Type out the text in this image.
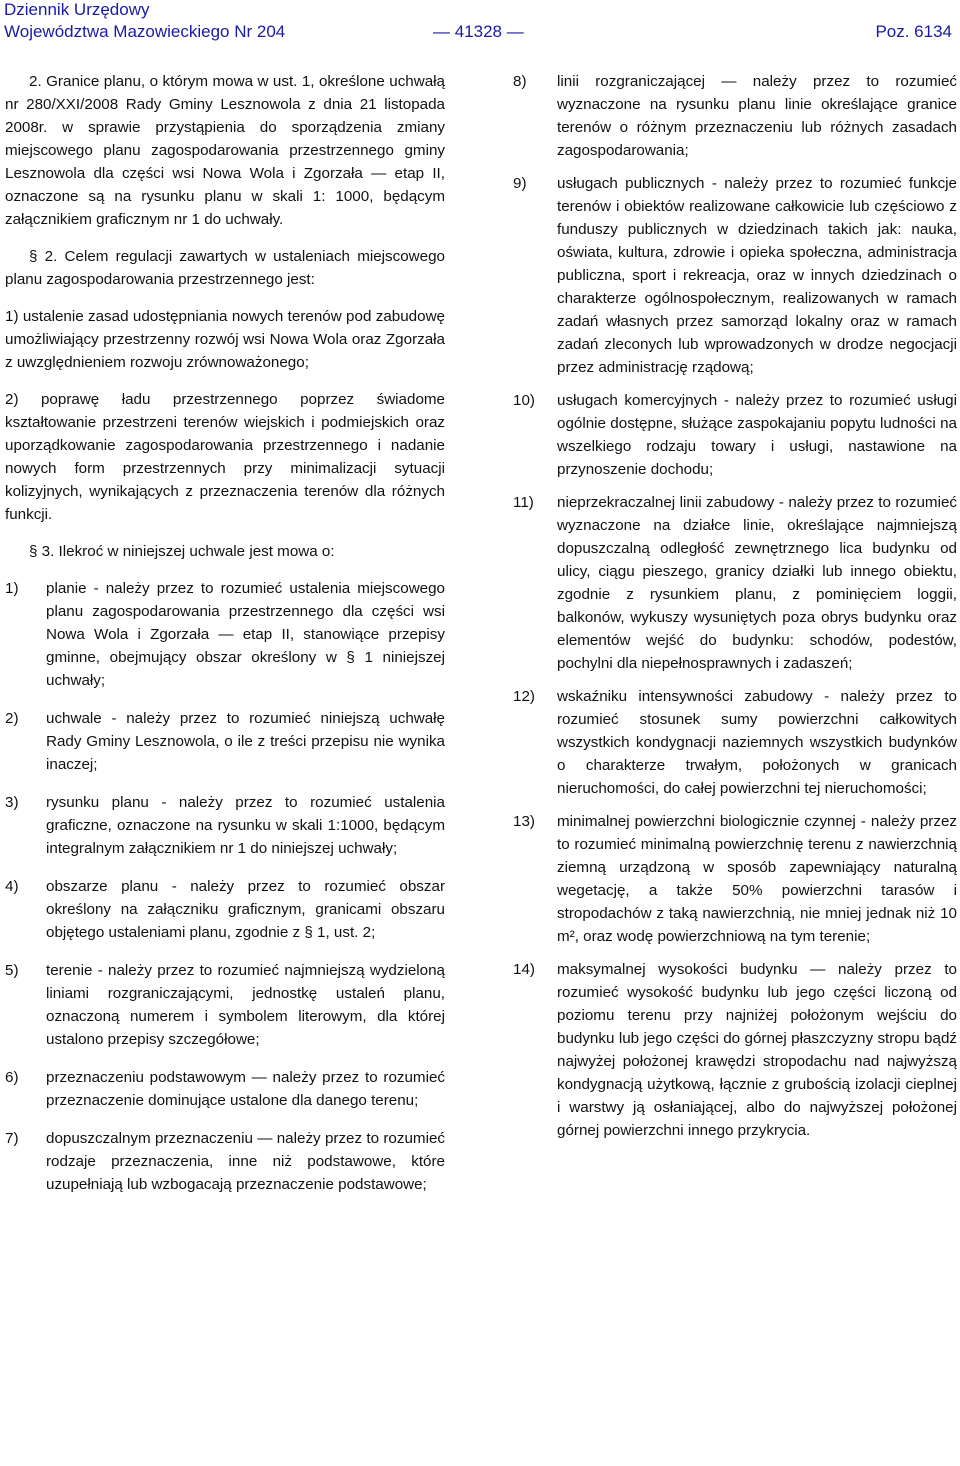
Dziennik Urzędowy
Województwa Mazowieckiego Nr 204	— 41328 —	Poz. 6134

2. Granice planu, o którym mowa w ust. 1, określone uchwałą nr 280/XXI/2008 Rady Gminy Lesznowola z dnia 21 listopada 2008r. w sprawie przystąpienia do sporządzenia zmiany miejscowego planu zagospodarowania przestrzennego gminy Lesznowola dla części wsi Nowa Wola i Zgorzała — etap II, oznaczone są na rysunku planu w skali 1: 1000, będącym załącznikiem graficznym nr 1 do uchwały.

§ 2. Celem regulacji zawartych w ustaleniach miejscowego planu zagospodarowania przestrzennego jest:

1) ustalenie zasad udostępniania nowych terenów pod zabudowę umożliwiający przestrzenny rozwój wsi Nowa Wola oraz Zgorzała z uwzględnieniem rozwoju zrównoważonego;

2) poprawę ładu przestrzennego poprzez świadome kształtowanie przestrzeni terenów wiejskich i podmiejskich oraz uporządkowanie zagospodarowania przestrzennego i nadanie nowych form przestrzennych przy minimalizacji sytuacji kolizyjnych, wynikających z przeznaczenia terenów dla różnych funkcji.

§ 3. Ilekroć w niniejszej uchwale jest mowa o:

1) planie - należy przez to rozumieć ustalenia miejscowego planu zagospodarowania przestrzennego dla części wsi Nowa Wola i Zgorzała — etap II, stanowiące przepisy gminne, obejmujący obszar określony w § 1 niniejszej uchwały;
2) uchwale - należy przez to rozumieć niniejszą uchwałę Rady Gminy Lesznowola, o ile z treści przepisu nie wynika inaczej;
3) rysunku planu - należy przez to rozumieć ustalenia graficzne, oznaczone na rysunku w skali 1:1000, będącym integralnym załącznikiem nr 1 do niniejszej uchwały;
4) obszarze planu - należy przez to rozumieć obszar określony na załączniku graficznym, granicami obszaru objętego ustaleniami planu, zgodnie z § 1, ust. 2;
5) terenie - należy przez to rozumieć najmniejszą wydzieloną liniami rozgraniczającymi, jednostkę ustaleń planu, oznaczoną numerem i symbolem literowym, dla której ustalono przepisy szczegółowe;
6) przeznaczeniu podstawowym — należy przez to rozumieć przeznaczenie dominujące ustalone dla danego terenu;
7) dopuszczalnym przeznaczeniu — należy przez to rozumieć rodzaje przeznaczenia, inne niż podstawowe, które uzupełniają lub wzbogacają przeznaczenie podstawowe;
8) linii rozgraniczającej — należy przez to rozumieć wyznaczone na rysunku planu linie określające granice terenów o różnym przeznaczeniu lub różnych zasadach zagospodarowania;
9) usługach publicznych - należy przez to rozumieć funkcje terenów i obiektów realizowane całkowicie lub częściowo z funduszy publicznych w dziedzinach takich jak: nauka, oświata, kultura, zdrowie i opieka społeczna, administracja publiczna, sport i rekreacja, oraz w innych dziedzinach o charakterze ogólnospołecznym, realizowanych w ramach zadań własnych przez samorząd lokalny oraz w ramach zadań zleconych lub wprowadzonych w drodze negocjacji przez administrację rządową;
10) usługach komercyjnych - należy przez to rozumieć usługi ogólnie dostępne, służące zaspokajaniu popytu ludności na wszelkiego rodzaju towary i usługi, nastawione na przynoszenie dochodu;
11) nieprzekraczalnej linii zabudowy - należy przez to rozumieć wyznaczone na działce linie, określające najmniejszą dopuszczalną odległość zewnętrznego lica budynku od ulicy, ciągu pieszego, granicy działki lub innego obiektu, zgodnie z rysunkiem planu, z pominięciem loggii, balkonów, wykuszy wysuniętych poza obrys budynku oraz elementów wejść do budynku: schodów, podestów, pochylni dla niepełnosprawnych i zadaszeń;
12) wskaźniku intensywności zabudowy - należy przez to rozumieć stosunek sumy powierzchni całkowitych wszystkich kondygnacji naziemnych wszystkich budynków o charakterze trwałym, położonych w granicach nieruchomości, do całej powierzchni tej nieruchomości;
13) minimalnej powierzchni biologicznie czynnej - należy przez to rozumieć minimalną powierzchnię terenu z nawierzchnią ziemną urządzoną w sposób zapewniający naturalną wegetację, a także 50% powierzchni tarasów i stropodachów z taką nawierzchnią, nie mniej jednak niż 10 m², oraz wodę powierzchniową na tym terenie;
14) maksymalnej wysokości budynku — należy przez to rozumieć wysokość budynku lub jego części liczoną od poziomu terenu przy najniżej położonym wejściu do budynku lub jego części do górnej płaszczyzny stropu bądź najwyżej położonej krawędzi stropodachu nad najwyższą kondygnacją użytkową, łącznie z grubością izolacji cieplnej i warstwy ją osłaniającej, albo do najwyższej położonej górnej powierzchni innego przykrycia.
